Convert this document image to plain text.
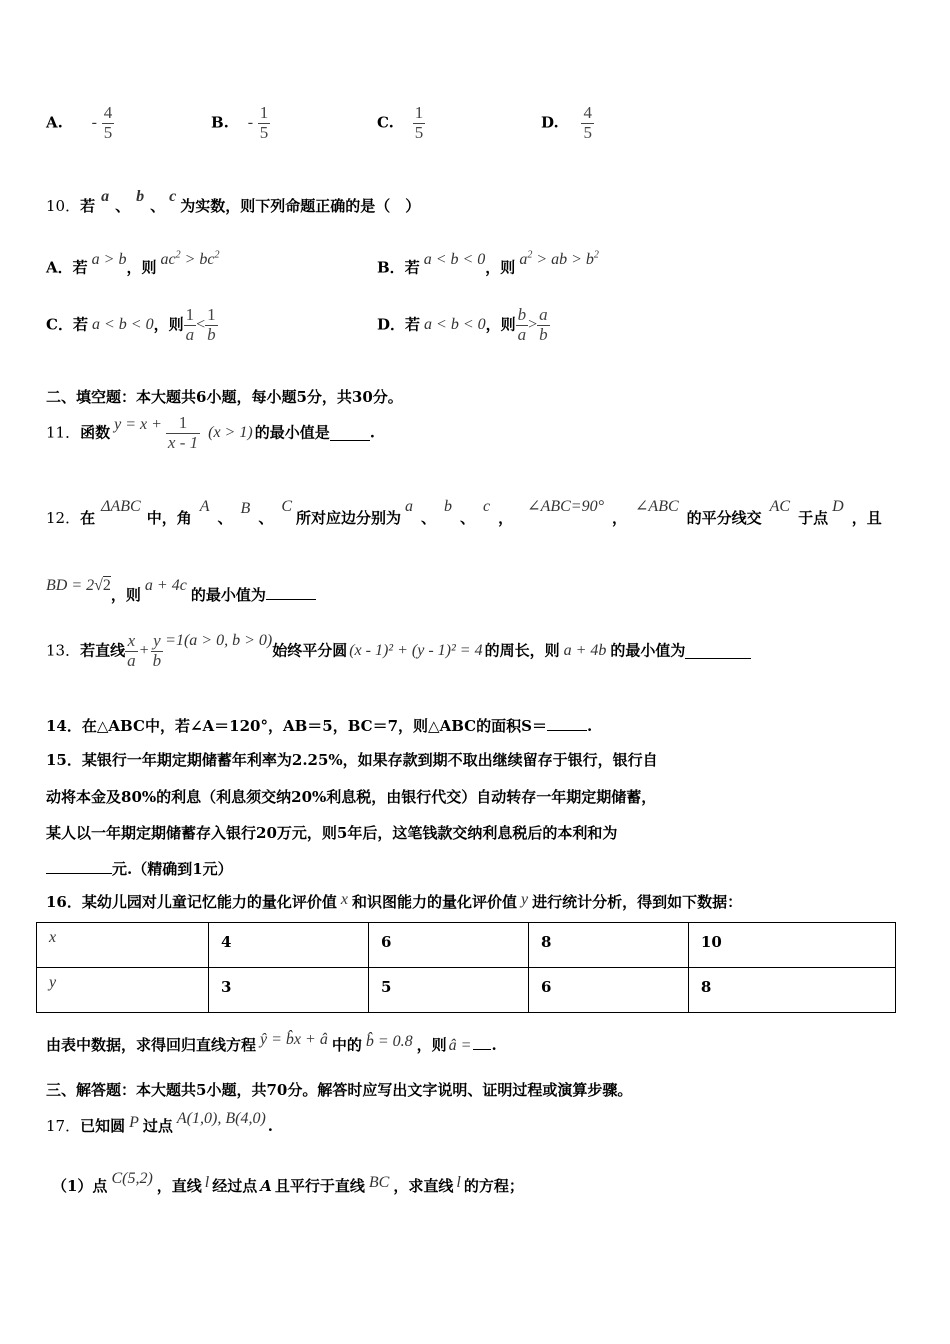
A. - $\frac{4}{5}$	B. - $\frac{1}{5}$	C. $\frac{1}{5}$	D. $\frac{4}{5}$
10．若a、b、c为实数，则下列命题正确的是（　）
A．若 a > b，则 $ac^2 > bc^2$
B．若 a < b < 0，则 $a^2$ > ab > $b^2$
C．若 a < b < 0，则 $\frac{1}{a} < \frac{1}{b}$	D．若 a < b < 0，则 $\frac{b}{a} > \frac{a}{b}$
二、填空题：本大题共6小题，每小题5分，共30分。
11．函数 $y = x + \frac{1}{x - 1} (x > 1)$ 的最小值是	.
12．在ΔABC中，角A、B、C所对应边分别为a、b、c，∠ABC=90°，∠ABC的平分线交AC于点D，且
BD = 2√2，则a + 4c的最小值为
13．若直线 $\frac{x}{a} + \frac{y}{b} =1(a > 0$, b > 0)始终平分圆 (x - 1)² + (y - 1)² = 4 的周长，则 a + 4b 的最小值为
14．在△ABC中，若∠A＝120°，AB＝5，BC＝7，则△ABC的面积S＝	.
15．某银行一年期定期储蓄年利率为2.25%，如果存款到期不取出继续留存于银行，银行自
动将本金及80%的利息（利息须交纳20%利息税，由银行代交）自动转存一年期定期储蓄，
某人以一年期定期储蓄存入银行20万元，则5年后，这笔钱款交纳利息税后的本利和为
元.（精确到1元）
16．某幼儿园对儿童记忆能力的量化评价值 x 和识图能力的量化评价值 y 进行统计分析，得到如下数据：
x	4	6	8	10
y	3	5	6	8
由表中数据，求得回归直线方程 ŷ = b̂x + â 中的 b̂ = 0.8 ，则 â = .
三、解答题：本大题共5小题，共70分。解答时应写出文字说明、证明过程或演算步骤。
17．已知圆 P 过点 A(1,0), B(4,0) .
（1）点 C(5,2) ，直线 l 经过点 A 且平行于直线 BC ，求直线 l 的方程；
